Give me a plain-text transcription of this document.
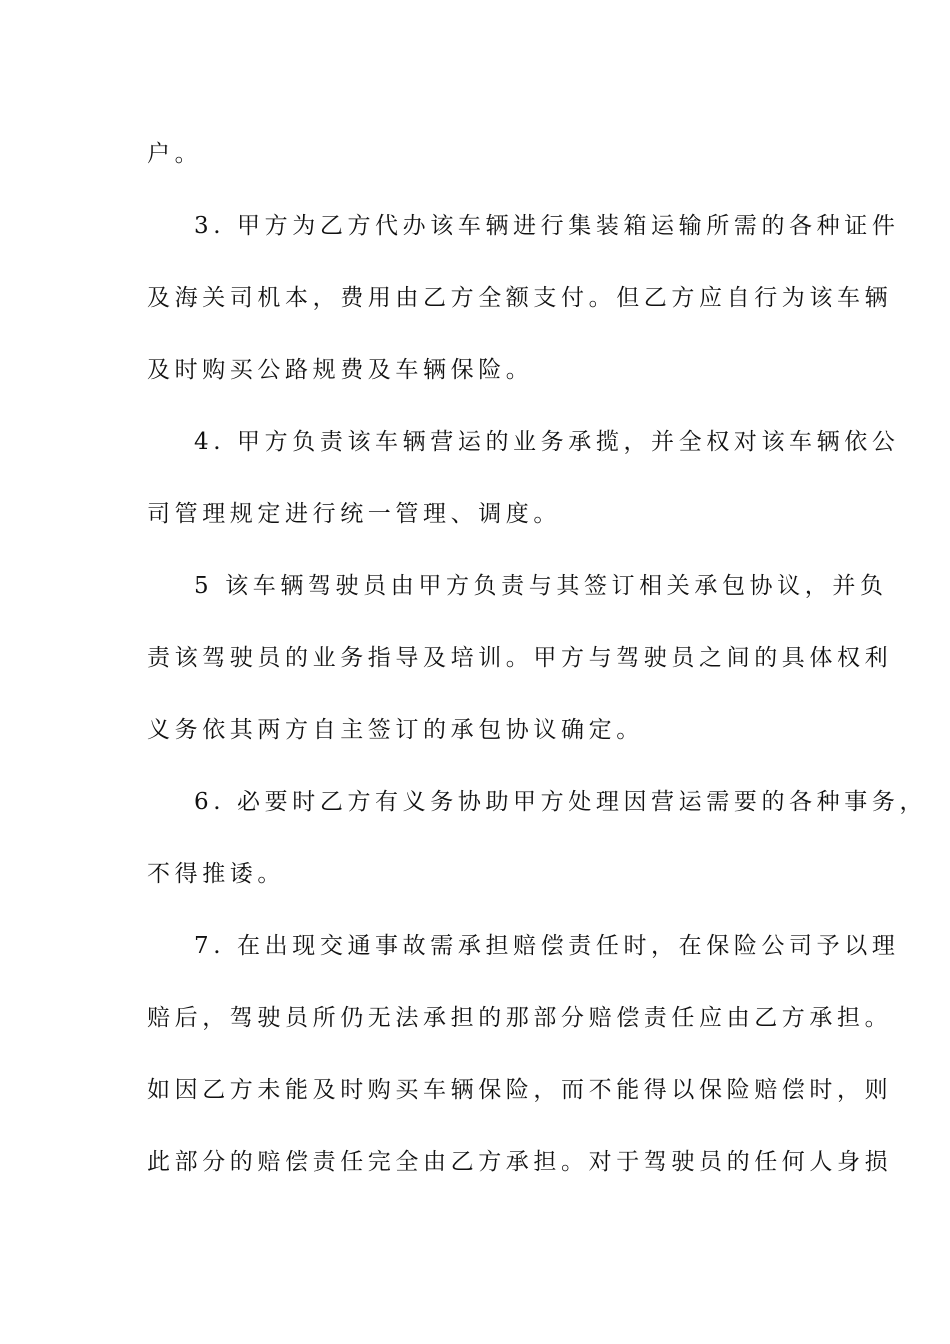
户。
3. 甲方为乙方代办该车辆进行集装箱运输所需的各种证件
及海关司机本，费用由乙方全额支付。但乙方应自行为该车辆
及时购买公路规费及车辆保险。
4. 甲方负责该车辆营运的业务承揽，并全权对该车辆依公
司管理规定进行统一管理、调度。
5 该车辆驾驶员由甲方负责与其签订相关承包协议，并负
责该驾驶员的业务指导及培训。甲方与驾驶员之间的具体权利
义务依其两方自主签订的承包协议确定。
6. 必要时乙方有义务协助甲方处理因营运需要的各种事务，
不得推诿。
7. 在出现交通事故需承担赔偿责任时，在保险公司予以理
赔后，驾驶员所仍无法承担的那部分赔偿责任应由乙方承担。
如因乙方未能及时购买车辆保险，而不能得以保险赔偿时，则
此部分的赔偿责任完全由乙方承担。对于驾驶员的任何人身损
